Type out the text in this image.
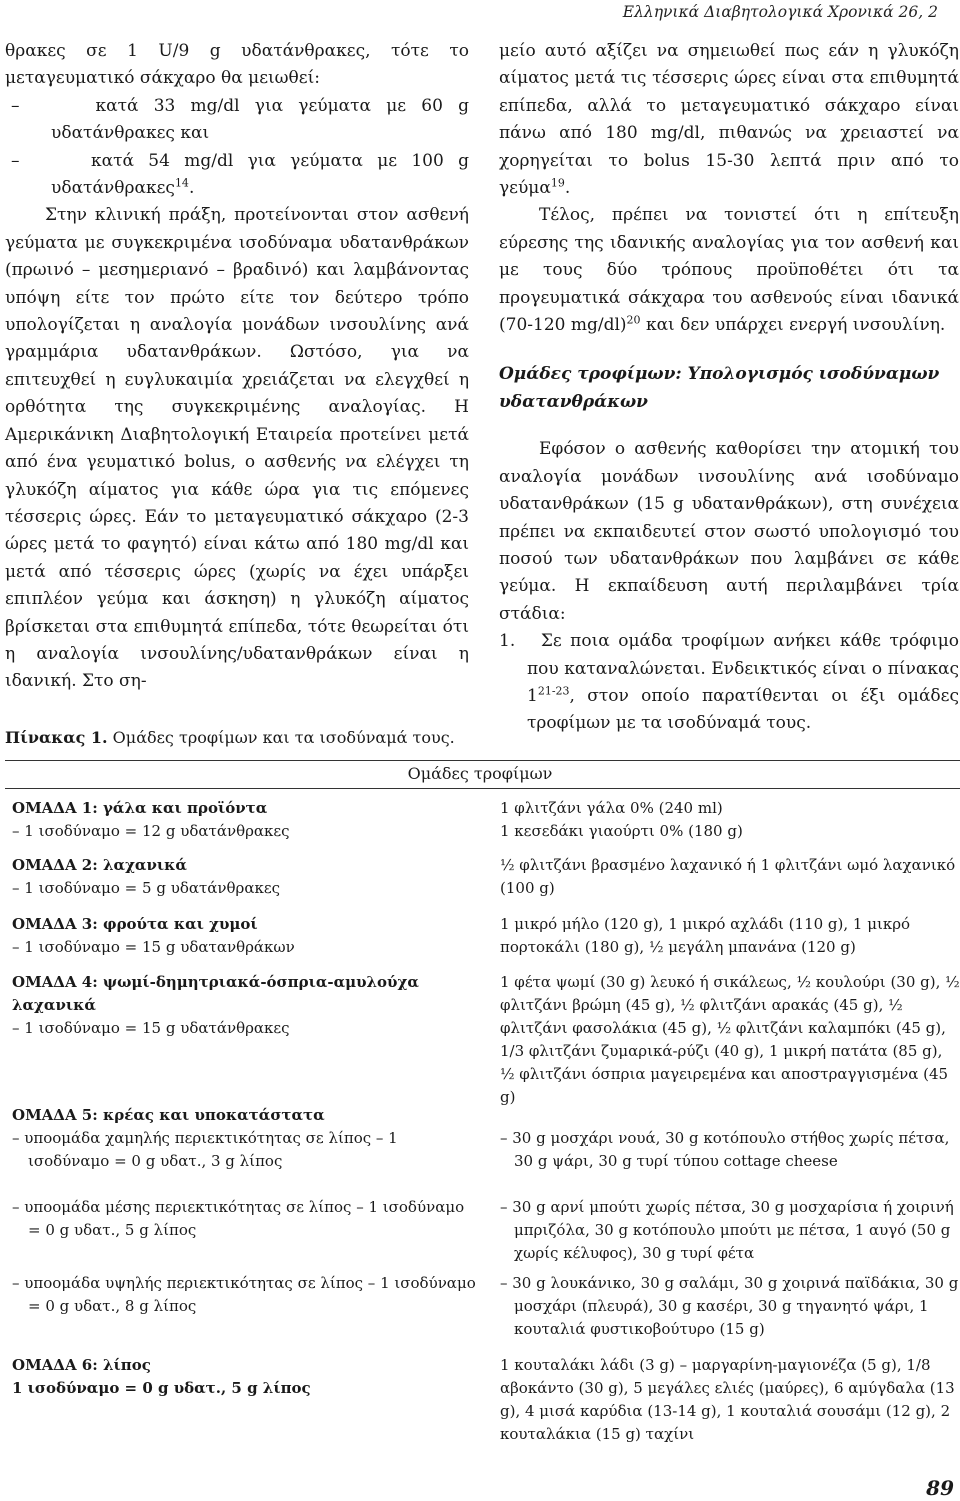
Ελληνικά Διαβητολογικά Χρονικά 26, 2

θρακες σε 1 U/9 g υδατάνθρακες, τότε το μεταγευματικό σάκχαρο θα μειωθεί:

–	κατά 33 mg/dl για γεύματα με 60 g υδατάνθρακες και

–	κατά 54 mg/dl για γεύματα με 100 g υδατάνθρακες$^{14}$.

Στην κλινική πράξη, προτείνονται στον ασθενή γεύματα με συγκεκριμένα ισοδύναμα υδατανθράκων (πρωινό – μεσημεριανό – βραδινό) και λαμβάνοντας υπόψη είτε τον πρώτο είτε τον δεύτερο τρόπο υπολογίζεται η αναλογία μονάδων ινσουλίνης ανά γραμμάρια υδατανθράκων. Ωστόσο, για να επιτευχθεί η ευγλυκαιμία χρειάζεται να ελεγχθεί η ορθότητα της συγκεκριμένης αναλογίας. Η Αμερικάνικη Διαβητολογική Εταιρεία προτείνει μετά από ένα γευματικό bolus, ο ασθενής να ελέγχει τη γλυκόζη αίματος για κάθε ώρα για τις επόμενες τέσσερις ώρες. Εάν το μεταγευματικό σάκχαρο (2-3 ώρες μετά το φαγητό) είναι κάτω από 180 mg/dl και μετά από τέσσερις ώρες (χωρίς να έχει υπάρξει επιπλέον γεύμα και άσκηση) η γλυκόζη αίματος βρίσκεται στα επιθυμητά επίπεδα, τότε θεωρείται ότι η αναλογία ινσουλίνης/υδατανθράκων είναι η ιδανική. Στο ση-

μείο αυτό αξίζει να σημειωθεί πως εάν η γλυκόζη αίματος μετά τις τέσσερις ώρες είναι στα επιθυμητά επίπεδα, αλλά το μεταγευματικό σάκχαρο είναι πάνω από 180 mg/dl, πιθανώς να χρειαστεί να χορηγείται το bolus 15-30 λεπτά πριν από το γεύμα$^{19}$.

Τέλος, πρέπει να τονιστεί ότι η επίτευξη εύρεσης της ιδανικής αναλογίας για τον ασθενή και με τους δύο τρόπους προϋποθέτει ότι τα προγευματικά σάκχαρα του ασθενούς είναι ιδανικά (70-120 mg/dl)$^{20}$ και δεν υπάρχει ενεργή ινσουλίνη.

Ομάδες τροφίμων: Υπολογισμός ισοδύναμων υδατανθράκων

Εφόσον ο ασθενής καθορίσει την ατομική του αναλογία μονάδων ινσουλίνης ανά ισοδύναμο υδατανθράκων (15 g υδατανθράκων), στη συνέχεια πρέπει να εκπαιδευτεί στον σωστό υπολογισμό του ποσού των υδατανθράκων που λαμβάνει σε κάθε γεύμα. Η εκπαίδευση αυτή περιλαμβάνει τρία στάδια:

1. Σε ποια ομάδα τροφίμων ανήκει κάθε τρόφιμο που καταναλώνεται. Ενδεικτικός είναι ο πίνακας 1$^{21-23}$, στον οποίο παρατίθενται οι έξι ομάδες τροφίμων με τα ισοδύναμά τους.

Πίνακας 1. Ομάδες τροφίμων και τα ισοδύναμά τους.
Ομάδες τροφίμων
ΟΜΑΔΑ 1: γάλα και προϊόντα
– 1 ισοδύναμο = 12 g υδατάνθρακες
1 φλιτζάνι γάλα 0% (240 ml)
1 κεσεδάκι γιαούρτι 0% (180 g)
ΟΜΑΔΑ 2: λαχανικά
– 1 ισοδύναμο = 5 g υδατάνθρακες
½ φλιτζάνι βρασμένο λαχανικό ή 1 φλιτζάνι ωμό λαχανικό (100 g)
ΟΜΑΔΑ 3: φρούτα και χυμοί
– 1 ισοδύναμο = 15 g υδατανθράκων
1 μικρό μήλο (120 g), 1 μικρό αχλάδι (110 g), 1 μικρό πορτοκάλι (180 g), ½ μεγάλη μπανάνα (120 g)
ΟΜΑΔΑ 4: ψωμί-δημητριακά-όσπρια-αμυλούχα λαχανικά
– 1 ισοδύναμο = 15 g υδατάνθρακες
1 φέτα ψωμί (30 g) λευκό ή σικάλεως, ½ κουλούρι (30 g), ½ φλιτζάνι βρώμη (45 g), ½ φλιτζάνι αρακάς (45 g), ½ φλιτζάνι φασολάκια (45 g), ½ φλιτζάνι καλαμπόκι (45 g), 1/3 φλιτζάνι ζυμαρικά-ρύζι (40 g), 1 μικρή πατάτα (85 g), ½ φλιτζάνι όσπρια μαγειρεμένα και αποστραγγισμένα (45 g)
ΟΜΑΔΑ 5: κρέας και υποκατάστατα
– υποομάδα χαμηλής περιεκτικότητας σε λίπος – 1 ισοδύναμο = 0 g υδατ., 3 g λίπος
– 30 g μοσχάρι νουά, 30 g κοτόπουλο στήθος χωρίς πέτσα, 30 g ψάρι, 30 g τυρί τύπου cottage cheese
– υποομάδα μέσης περιεκτικότητας σε λίπος – 1 ισοδύναμο = 0 g υδατ., 5 g λίπος
– 30 g αρνί μπούτι χωρίς πέτσα, 30 g μοσχαρίσια ή χοιρινή μπριζόλα, 30 g κοτόπουλο μπούτι με πέτσα, 1 αυγό (50 g χωρίς κέλυφος), 30 g τυρί φέτα
– υποομάδα υψηλής περιεκτικότητας σε λίπος – 1 ισοδύναμο = 0 g υδατ., 8 g λίπος
– 30 g λουκάνικο, 30 g σαλάμι, 30 g χοιρινά παϊδάκια, 30 g μοσχάρι (πλευρά), 30 g κασέρι, 30 g τηγανητό ψάρι, 1 κουταλιά φυστικοβούτυρο (15 g)
ΟΜΑΔΑ 6: λίπος
1 ισοδύναμο = 0 g υδατ., 5 g λίπος
1 κουταλάκι λάδι (3 g) – μαργαρίνη-μαγιονέζα (5 g), 1/8 αβοκάντο (30 g), 5 μεγάλες ελιές (μαύρες), 6 αμύγδαλα (13 g), 4 μισά καρύδια (13-14 g), 1 κουταλιά σουσάμι (12 g), 2 κουταλάκια (15 g) ταχίνι
89
